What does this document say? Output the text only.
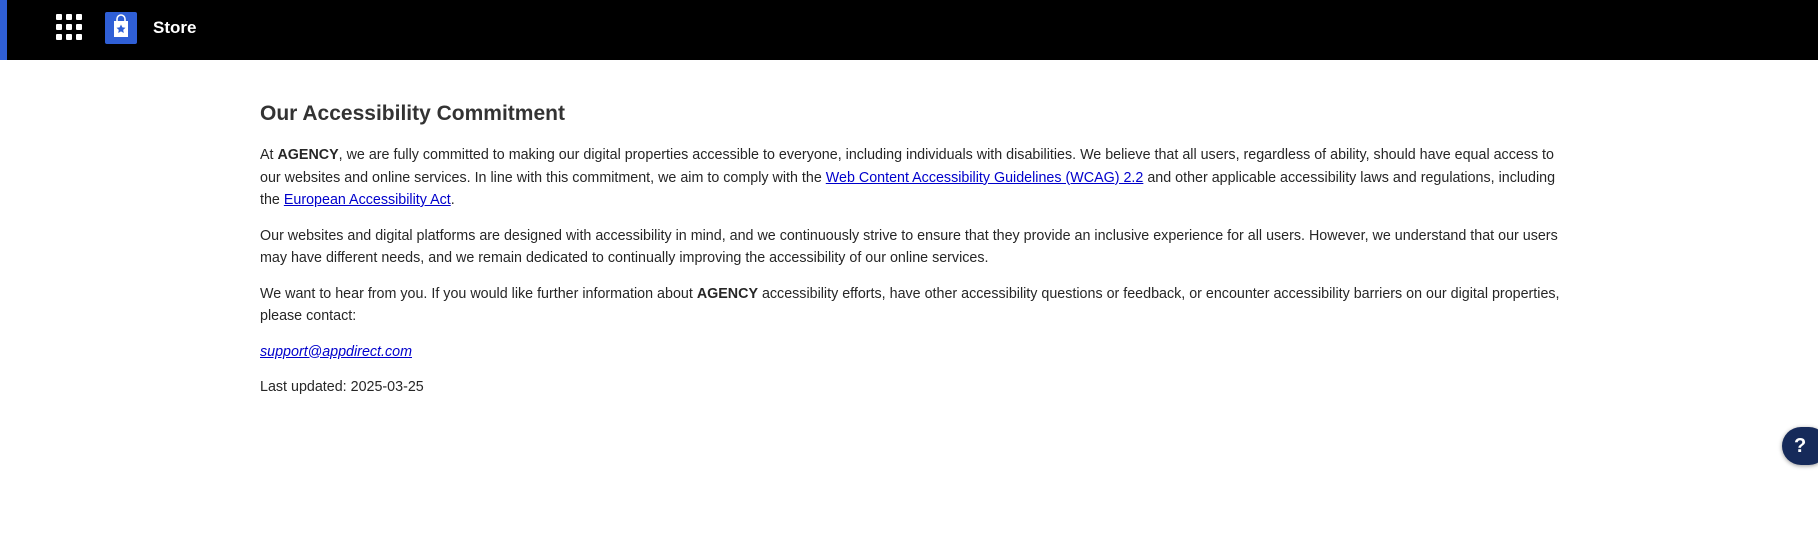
Store
Our Accessibility Commitment

At AGENCY, we are fully committed to making our digital properties accessible to everyone, including individuals with disabilities. We believe that all users, regardless of ability, should have equal access to our websites and online services. In line with this commitment, we aim to comply with the Web Content Accessibility Guidelines (WCAG) 2.2 and other applicable accessibility laws and regulations, including the European Accessibility Act.

Our websites and digital platforms are designed with accessibility in mind, and we continuously strive to ensure that they provide an inclusive experience for all users. However, we understand that our users may have different needs, and we remain dedicated to continually improving the accessibility of our online services.

We want to hear from you. If you would like further information about AGENCY accessibility efforts, have other accessibility questions or feedback, or encounter accessibility barriers on our digital properties, please contact:

support@appdirect.com

Last updated: 2025-03-25

?
